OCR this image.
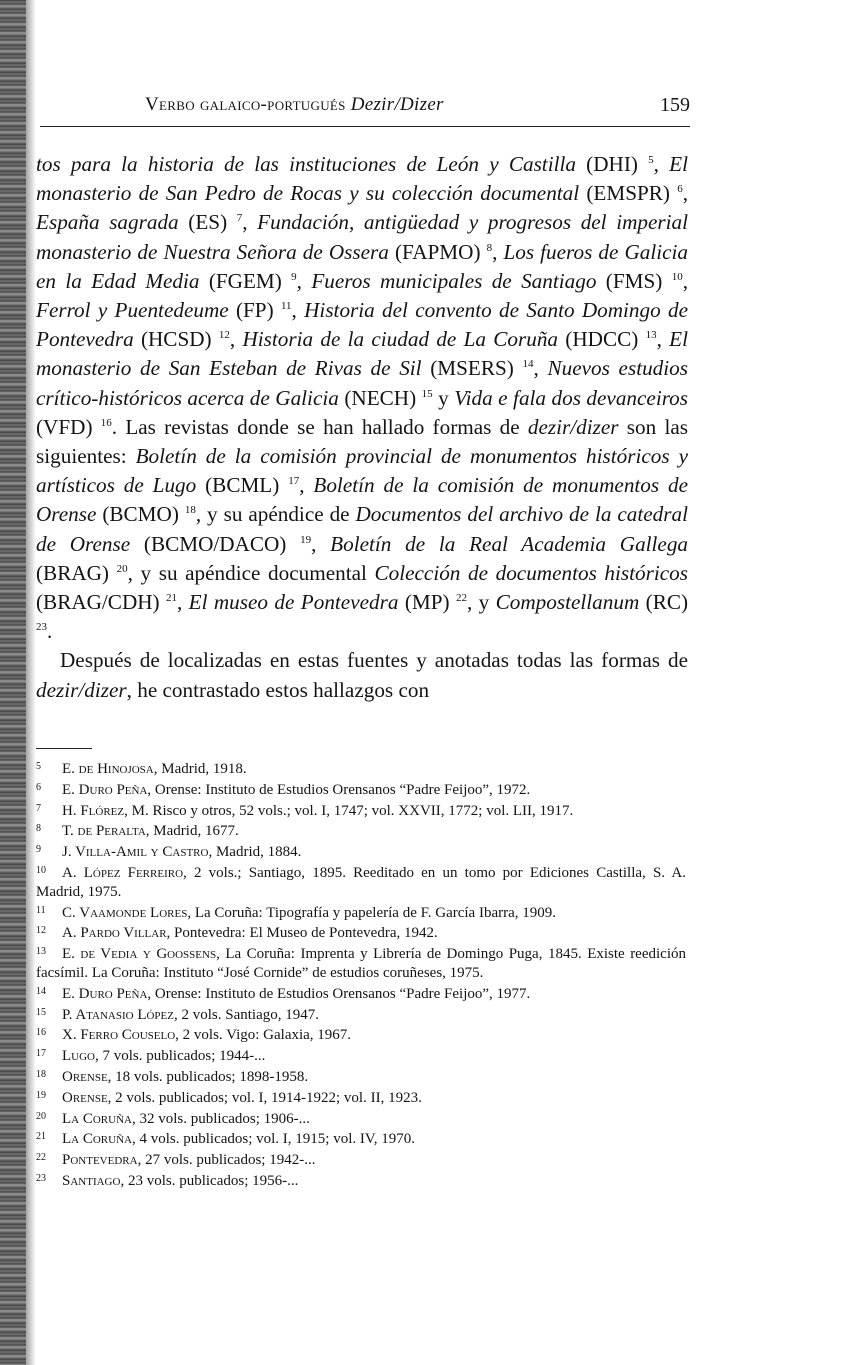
Verbo galaico-portugués Dezir/Dizer	159

tos para la historia de las instituciones de León y Castilla (DHI) $^5$, El monasterio de San Pedro de Rocas y su colección documental (EMSPR) $^6$, España sagrada (ES) $^7$, Fundación, antigüedad y progresos del imperial monasterio de Nuestra Señora de Ossera (FAPMO) $^8$, Los fueros de Galicia en la Edad Media (FGEM) $^9$, Fueros municipales de Santiago (FMS) $^{10}$, Ferrol y Puentedeume (FP) $^{11}$, Historia del convento de Santo Domingo de Pontevedra (HCSD) $^{12}$, Historia de la ciudad de La Coruña (HDCC) $^{13}$, El monasterio de San Esteban de Rivas de Sil (MSERS) $^{14}$, Nuevos estudios crítico-históricos acerca de Galicia (NECH) $^{15}$ y Vida e fala dos devanceiros (VFD) $^{16}$. Las revistas donde se han hallado formas de dezir/dizer son las siguientes: Boletín de la comisión provincial de monumentos históricos y artísticos de Lugo (BCML) $^{17}$, Boletín de la comisión de monumentos de Orense (BCMO) $^{18}$, y su apéndice de Documentos del archivo de la catedral de Orense (BCMO/DACO) $^{19}$, Boletín de la Real Academia Gallega (BRAG) $^{20}$, y su apéndice documental Colección de documentos históricos (BRAG/CDH) $^{21}$, El museo de Pontevedra (MP) $^{22}$, y Compostellanum (RC) $^{23}$.

Después de localizadas en estas fuentes y anotadas todas las formas de dezir/dizer, he contrastado estos hallazgos con

5 E. de Hinojosa, Madrid, 1918.

6 E. Duro Peña, Orense: Instituto de Estudios Orensanos “Padre Feijoo”, 1972.

7 H. Flórez, M. Risco y otros, 52 vols.; vol. I, 1747; vol. XXVII, 1772; vol. LII, 1917.

8 T. de Peralta, Madrid, 1677.

9 J. Villa-Amil y Castro, Madrid, 1884.

10 A. López Ferreiro, 2 vols.; Santiago, 1895. Reeditado en un tomo por Ediciones Castilla, S. A. Madrid, 1975.

11 C. Vaamonde Lores, La Coruña: Tipografía y papelería de F. García Ibarra, 1909.

12 A. Pardo Villar, Pontevedra: El Museo de Pontevedra, 1942.

13 E. de Vedia y Goossens, La Coruña: Imprenta y Librería de Domingo Puga, 1845. Existe reedición facsímil. La Coruña: Instituto “José Cornide” de estudios coruñeses, 1975.

14 E. Duro Peña, Orense: Instituto de Estudios Orensanos “Padre Feijoo”, 1977.

15 P. Atanasio López, 2 vols. Santiago, 1947.

16 X. Ferro Couselo, 2 vols. Vigo: Galaxia, 1967.

17 Lugo, 7 vols. publicados; 1944-...

18 Orense, 18 vols. publicados; 1898-1958.

19 Orense, 2 vols. publicados; vol. I, 1914-1922; vol. II, 1923.

20 La Coruña, 32 vols. publicados; 1906-...

21 La Coruña, 4 vols. publicados; vol. I, 1915; vol. IV, 1970.

22 Pontevedra, 27 vols. publicados; 1942-...

23 Santiago, 23 vols. publicados; 1956-...
